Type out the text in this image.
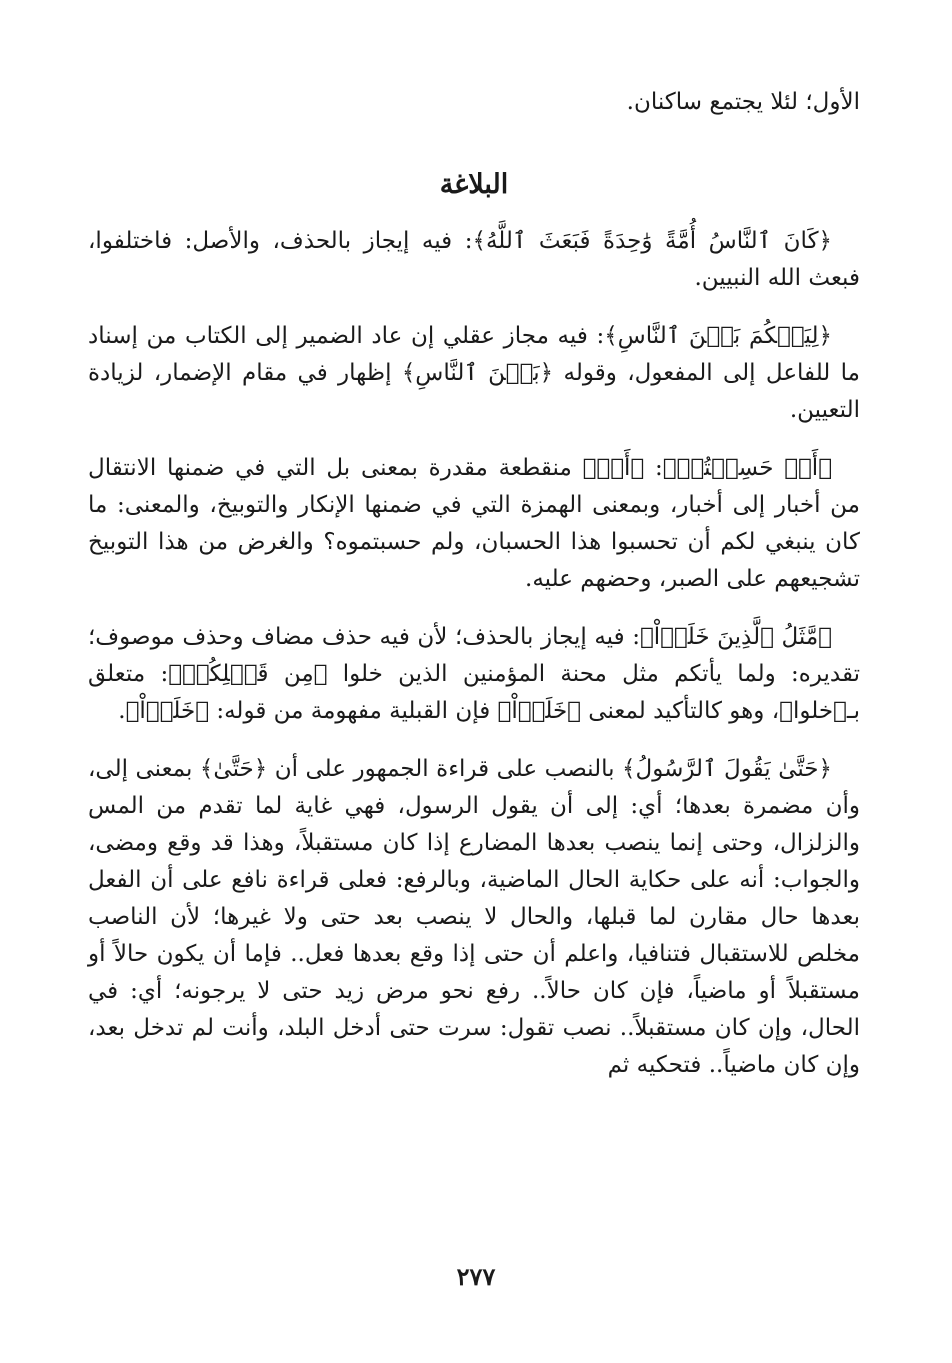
الأول؛ لئلا يجتمع ساكنان.

البلاغة

﴿كَانَ ٱلنَّاسُ أُمَّةً وَٰحِدَةً فَبَعَثَ ٱللَّهُ﴾: فيه إيجاز بالحذف، والأصل: فاختلفوا، فبعث الله النبيين.

﴿لِيَحۡكُمَ بَيۡنَ ٱلنَّاسِ﴾: فيه مجاز عقلي إن عاد الضمير إلى الكتاب من إسناد ما للفاعل إلى المفعول، وقوله ﴿بَيۡنَ ٱلنَّاسِ﴾ إظهار في مقام الإضمار، لزيادة التعيين.

﴿أَمۡ حَسِبۡتُمۡ﴾: ﴿أَمۡ﴾ منقطعة مقدرة بمعنى بل التي في ضمنها الانتقال من أخبار إلى أخبار، وبمعنى الهمزة التي في ضمنها الإنكار والتوبيخ، والمعنى: ما كان ينبغي لكم أن تحسبوا هذا الحسبان، ولم حسبتموه؟ والغرض من هذا التوبيخ تشجيعهم على الصبر، وحضهم عليه.

﴿مَّثَلُ ٱلَّذِينَ خَلَوۡاْ﴾: فيه إيجاز بالحذف؛ لأن فيه حذف مضاف وحذف موصوف؛ تقديره: ولما يأتكم مثل محنة المؤمنين الذين خلوا ﴿مِن قَبۡلِكُمۖ﴾: متعلق بـ﴿خلوا﴾، وهو كالتأكيد لمعنى ﴿خَلَوۡاْ﴾ فإن القبلية مفهومة من قوله: ﴿خَلَوۡاْ﴾.

﴿حَتَّىٰ يَقُولَ ٱلرَّسُولُ﴾ بالنصب على قراءة الجمهور على أن ﴿حَتَّىٰ﴾ بمعنى إلى، وأن مضمرة بعدها؛ أي: إلى أن يقول الرسول، فهي غاية لما تقدم من المس والزلزال، وحتى إنما ينصب بعدها المضارع إذا كان مستقبلاً، وهذا قد وقع ومضى، والجواب: أنه على حكاية الحال الماضية، وبالرفع: فعلى قراءة نافع على أن الفعل بعدها حال مقارن لما قبلها، والحال لا ينصب بعد حتى ولا غيرها؛ لأن الناصب مخلص للاستقبال فتنافيا، واعلم أن حتى إذا وقع بعدها فعل.. فإما أن يكون حالاً أو مستقبلاً أو ماضياً، فإن كان حالاً.. رفع نحو مرض زيد حتى لا يرجونه؛ أي: في الحال، وإن كان مستقبلاً.. نصب تقول: سرت حتى أدخل البلد، وأنت لم تدخل بعد، وإن كان ماضياً.. فتحكيه ثم

٢٧٧
